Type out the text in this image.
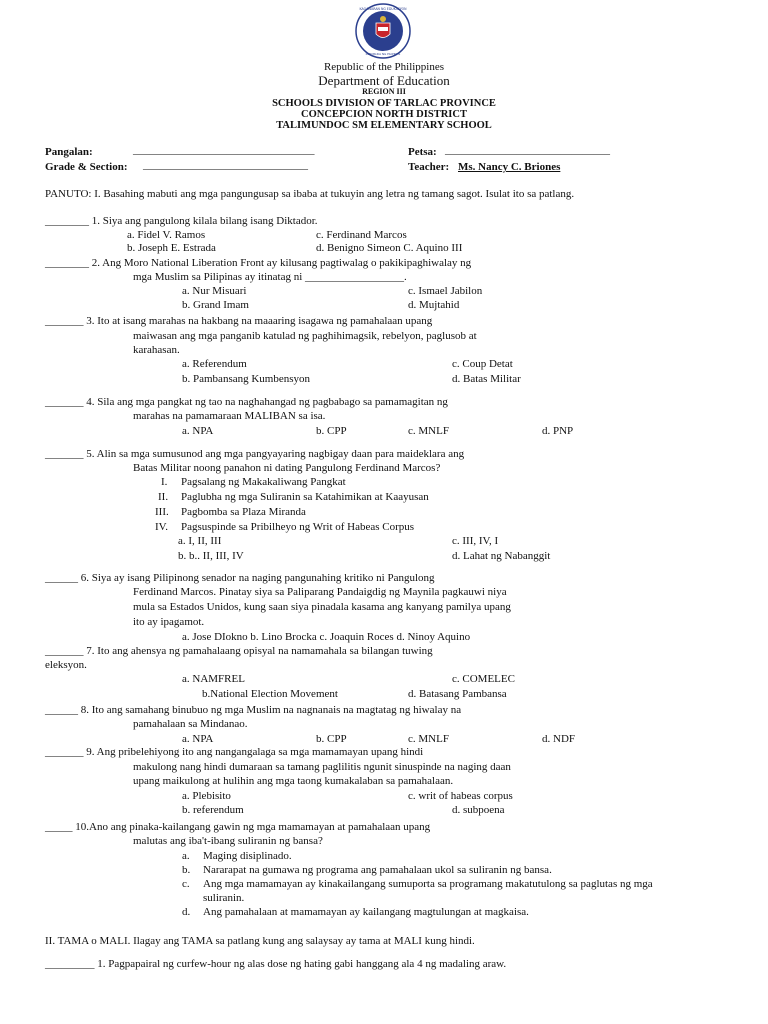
KAGAWARAN NG EDUKASYON
REPUBLIKA NG PILIPINAS
Republic of the Philippines
Department of Education
REGION III
SCHOOLS DIVISION OF TARLAC PROVINCE
CONCEPCION NORTH DISTRICT
TALIMUNDOC SM ELEMENTARY SCHOOL
Pangalan:	_________________________________	Petsa: ______________________________
Grade & Section: ______________________________	Teacher: Ms. Nancy C. Briones
PANUTO: I. Basahing mabuti ang mga pangungusap sa ibaba at tukuyin ang letra ng tamang sagot. Isulat ito sa patlang.
________ 1. Siya ang pangulong kilala bilang isang Diktador.
a. Fidel V. Ramos	c. Ferdinand Marcos
b. Joseph E. Estrada	d. Benigno Simeon C. Aquino III
________ 2. Ang Moro National Liberation Front ay kilusang pagtiwalag o pakikipaghiwalay ng
mga Muslim sa Pilipinas ay itinatag ni __________________.
a. Nur Misuari	c. Ismael Jabilon
b. Grand Imam	d. Mujtahid
_______ 3. Ito at isang marahas na hakbang na maaaring isagawa ng pamahalaan upang
maiwasan ang mga panganib katulad ng paghihimagsik, rebelyon, paglusob at
karahasan.
a. Referendum	c. Coup Detat
b. Pambansang Kumbensyon	d. Batas Militar
_______ 4. Sila ang mga pangkat ng tao na naghahangad ng pagbabago sa pamamagitan ng
marahas na pamamaraan MALIBAN sa isa.
a. NPA	b. CPP	c. MNLF	d. PNP
_______ 5. Alin sa mga sumusunod ang mga pangyayaring nagbigay daan para maideklara ang
Batas Militar noong panahon ni dating Pangulong Ferdinand Marcos?
I. Pagsalang ng Makakaliwang Pangkat
II. Paglubha ng mga Suliranin sa Katahimikan at Kaayusan
III. Pagbomba sa Plaza Miranda
IV. Pagsuspinde sa Pribilheyo ng Writ of Habeas Corpus
a. I, II, III	c. III, IV, I
b. b.. II, III, IV	d. Lahat ng Nabanggit
______ 6. Siya ay isang Pilipinong senador na naging pangunahing kritiko ni Pangulong
Ferdinand Marcos. Pinatay siya sa Paliparang Pandaigdig ng Maynila pagkauwi niya
mula sa Estados Unidos, kung saan siya pinadala kasama ang kanyang pamilya upang
ito ay ipagamot.
a. Jose DIokno b. Lino Brocka c. Joaquin Roces d. Ninoy Aquino
_______ 7. Ito ang ahensya ng pamahalaang opisyal na namamahala sa bilangan tuwing
eleksyon.
a. NAMFREL	c. COMELEC
b.National Election Movement	d. Batasang Pambansa
______ 8. Ito ang samahang binubuo ng mga Muslim na nagnanais na magtatag ng hiwalay na
pamahalaan sa Mindanao.
a. NPA	b. CPP	c. MNLF	d. NDF
_______ 9. Ang pribelehiyong ito ang nangangalaga sa mga mamamayan upang hindi
makulong nang hindi dumaraan sa tamang paglilitis ngunit sinuspinde na naging daan
upang maikulong at hulihin ang mga taong kumakalaban sa pamahalaan.
a. Plebisito	c. writ of habeas corpus
b. referendum	d. subpoena
_____ 10.Ano ang pinaka-kailangang gawin ng mga mamamayan at pamahalaan upang
malutas ang iba't-ibang suliranin ng bansa?
a. Maging disiplinado.
b. Nararapat na gumawa ng programa ang pamahalaan ukol sa suliranin ng bansa.
c. Ang mga mamamayan ay kinakailangang sumuporta sa programang makatutulong sa paglutas ng mga
suliranin.
d. Ang pamahalaan at mamamayan ay kailangang magtulungan at magkaisa.
II. TAMA o MALI. Ilagay ang TAMA sa patlang kung ang salaysay ay tama at MALI kung hindi.
_________ 1. Pagpapairal ng curfew-hour ng alas dose ng hating gabi hanggang ala 4 ng madaling araw.
